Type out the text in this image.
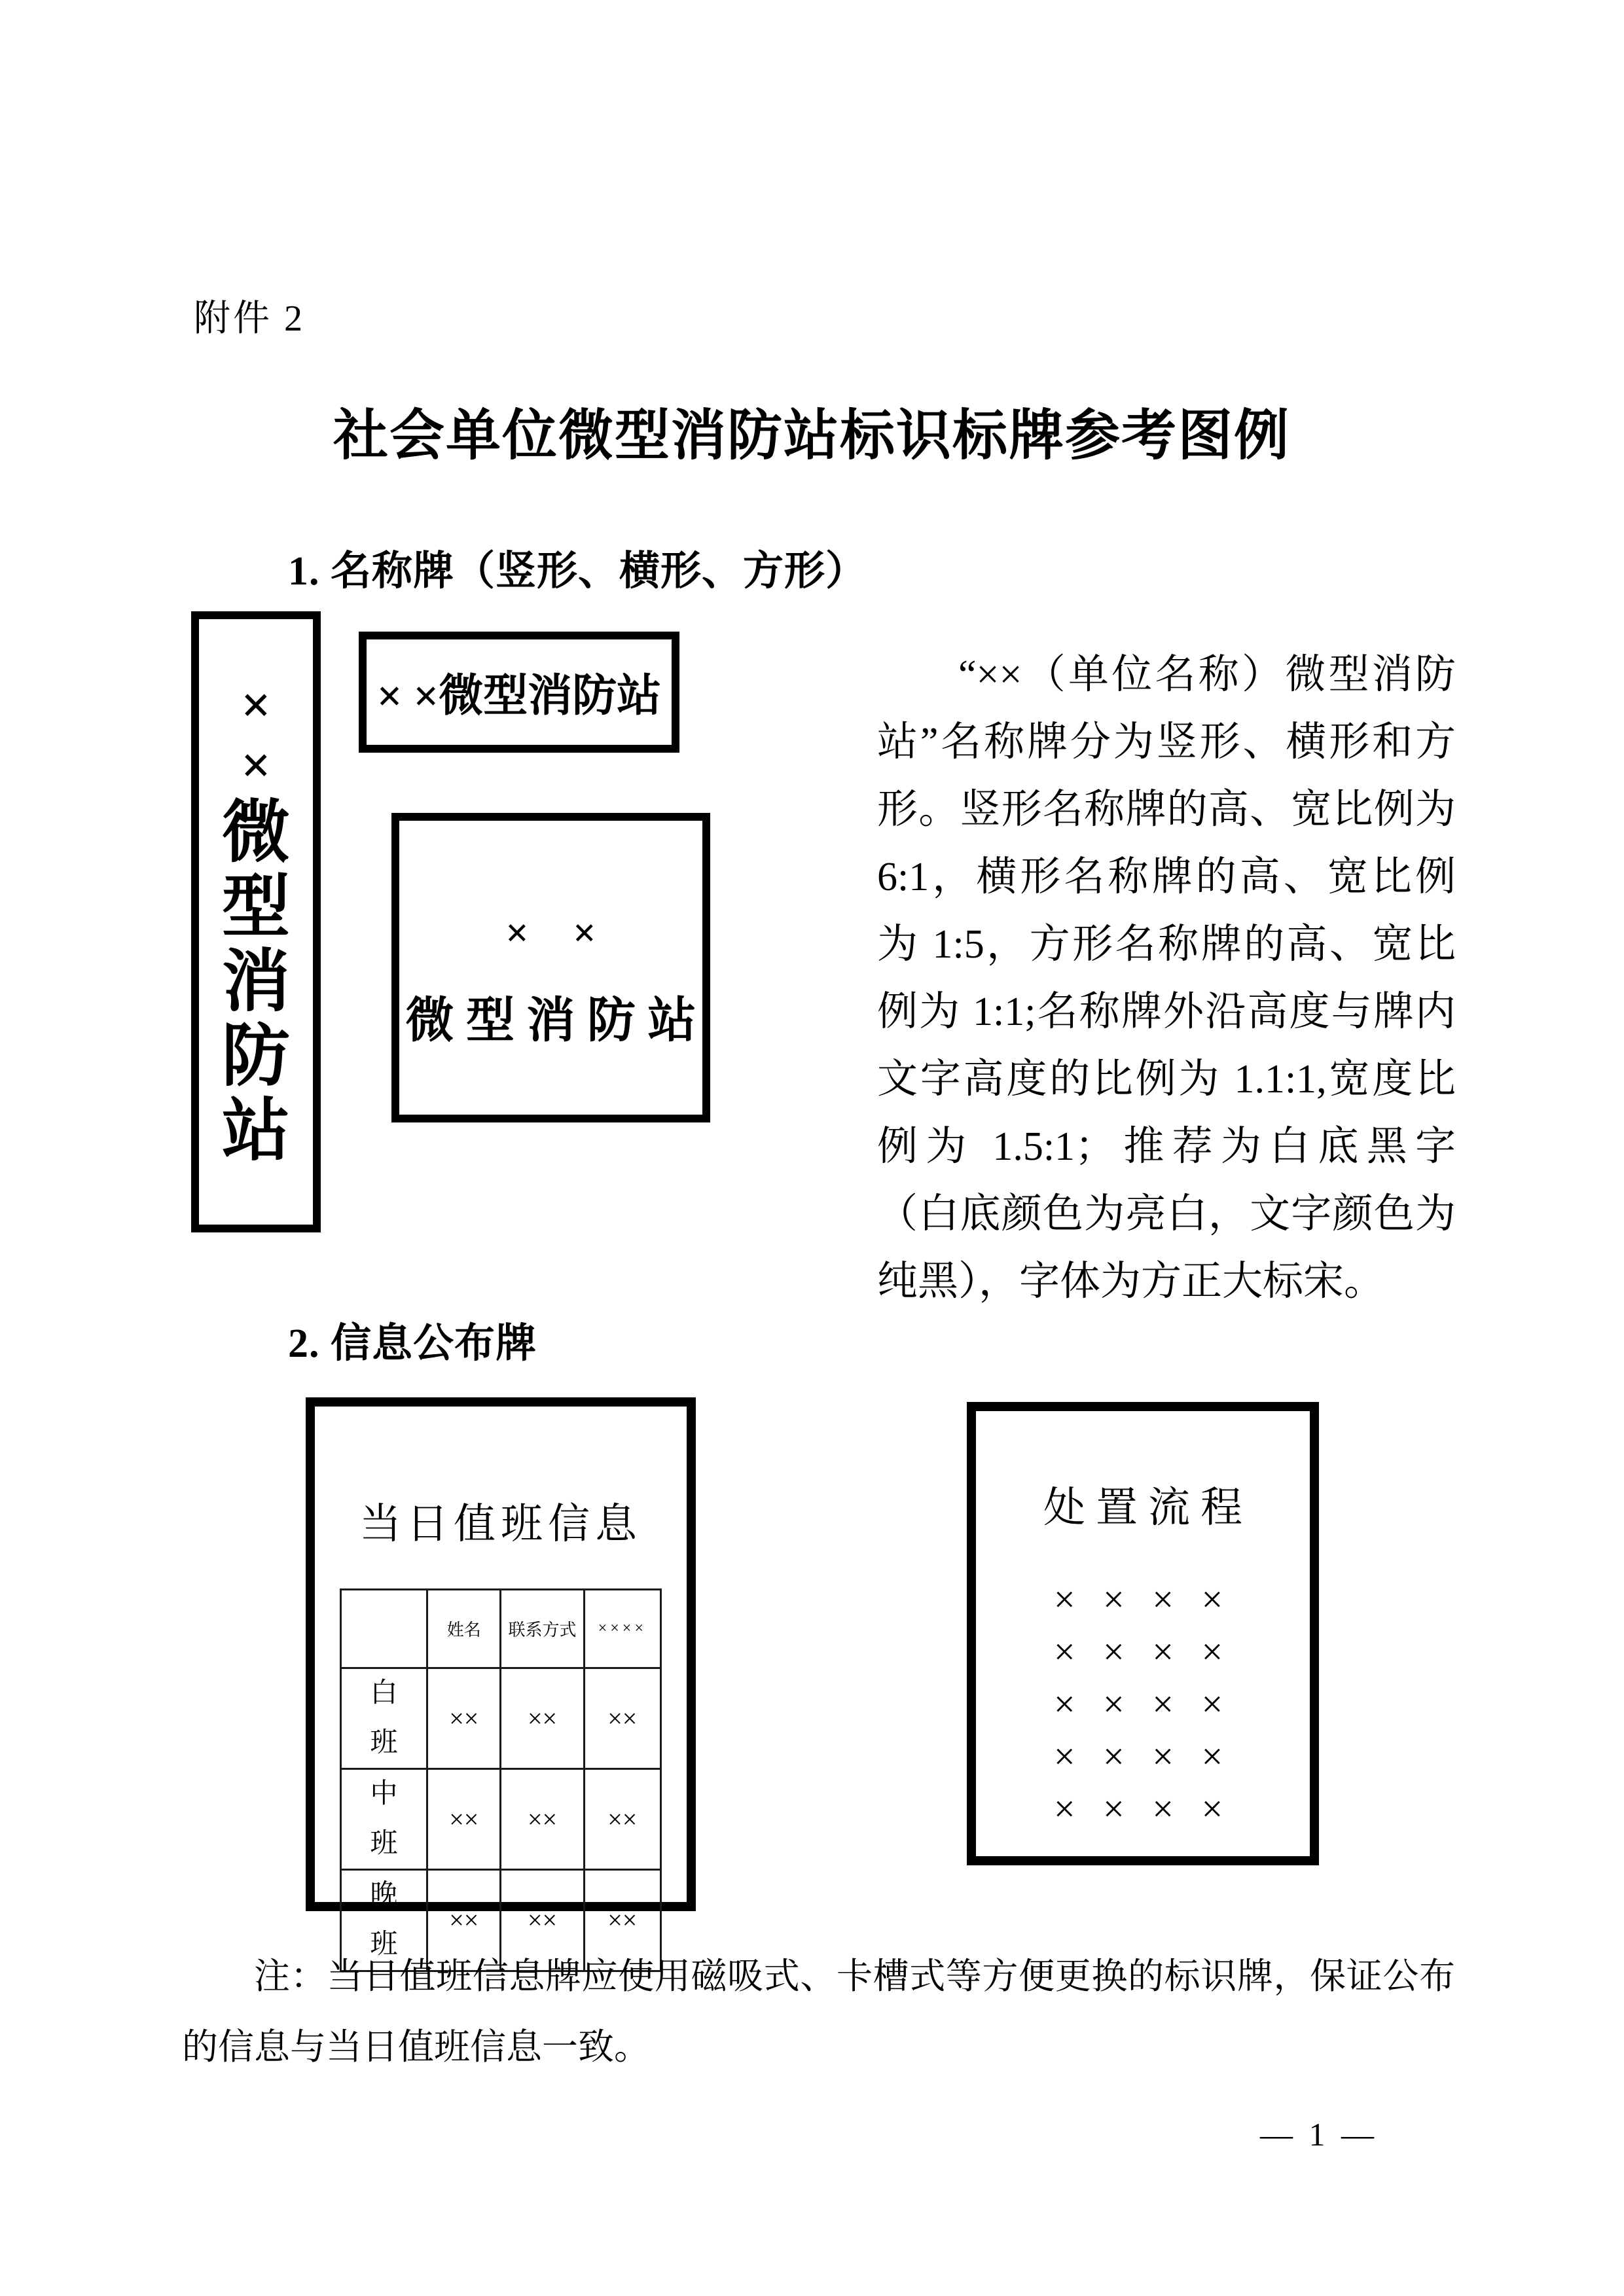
附件 2
社会单位微型消防站标识标牌参考图例
1. 名称牌（竖形、横形、方形）
×
×
微
型
消
防
站
× ×微型消防站
× ×
微 型 消 防 站
“××（单位名称）微型消防站”名称牌分为竖形、横形和方形。竖形名称牌的高、宽比例为 6:1，横形名称牌的高、宽比例为 1:5，方形名称牌的高、宽比例为 1:1;名称牌外沿高度与牌内文字高度的比例为 1.1:1,宽度比例为 1.5:1；推荐为白底黑字（白底颜色为亮白，文字颜色为纯黑），字体为方正大标宋。
2. 信息公布牌
当日值班信息
	姓名	联系方式	××××
白班	××	××	××
中班	××	××	××
晚班	××	××	××
处置流程
× × × ×
× × × ×
× × × ×
× × × ×
× × × ×
注：当日值班信息牌应使用磁吸式、卡槽式等方便更换的标识牌，保证公布的信息与当日值班信息一致。
— 1 —
